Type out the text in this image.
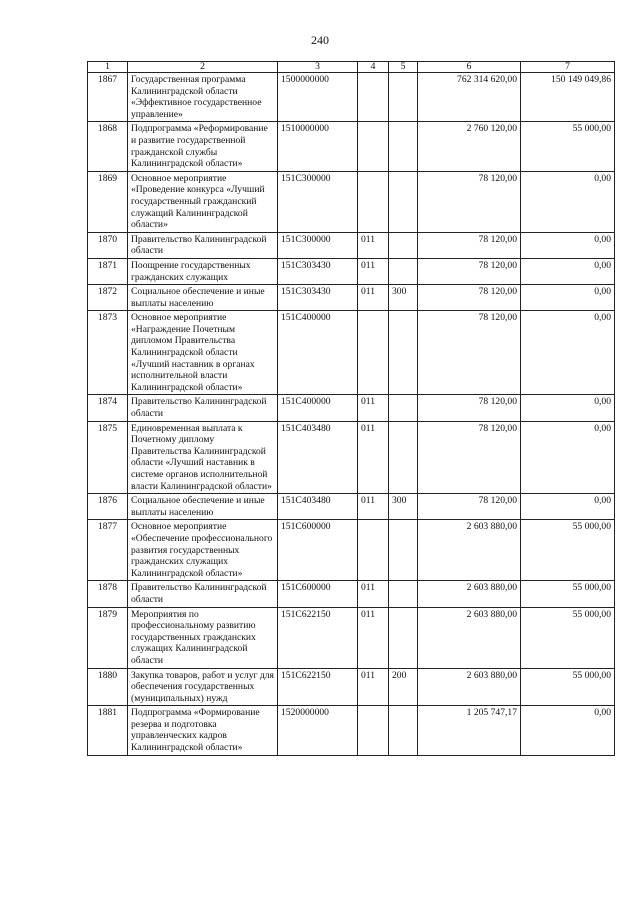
240
1	2	3	4	5	6	7
1867	Государственная программа Калининградской области «Эффективное государственное управление»	1500000000			762 314 620,00	150 149 049,86
1868	Подпрограмма «Реформирование и развитие государственной гражданской службы Калининградской области»	1510000000			2 760 120,00	55 000,00
1869	Основное мероприятие «Проведение конкурса «Лучший государственный гражданский служащий Калининградской области»	151С300000			78 120,00	0,00
1870	Правительство Калининградской области	151С300000	011		78 120,00	0,00
1871	Поощрение государственных гражданских служащих	151С303430	011		78 120,00	0,00
1872	Социальное обеспечение и иные выплаты населению	151С303430	011	300	78 120,00	0,00
1873	Основное мероприятие «Награждение Почетным дипломом Правительства Калининградской области «Лучший наставник в органах исполнительной власти Калининградской области»	151С400000			78 120,00	0,00
1874	Правительство Калининградской области	151С400000	011		78 120,00	0,00
1875	Единовременная выплата к Почетному диплому Правительства Калининградской области «Лучший наставник в системе органов исполнительной власти Калининградской области»	151С403480	011		78 120,00	0,00
1876	Социальное обеспечение и иные выплаты населению	151С403480	011	300	78 120,00	0,00
1877	Основное мероприятие «Обеспечение профессионального развития государственных гражданских служащих Калининградской области»	151С600000			2 603 880,00	55 000,00
1878	Правительство Калининградской области	151С600000	011		2 603 880,00	55 000,00
1879	Мероприятия по профессиональному развитию государственных гражданских служащих Калининградской области	151С622150	011		2 603 880,00	55 000,00
1880	Закупка товаров, работ и услуг для обеспечения государственных (муниципальных) нужд	151С622150	011	200	2 603 880,00	55 000,00
1881	Подпрограмма «Формирование резерва и подготовка управленческих кадров Калининградской области»	1520000000			1 205 747,17	0,00
